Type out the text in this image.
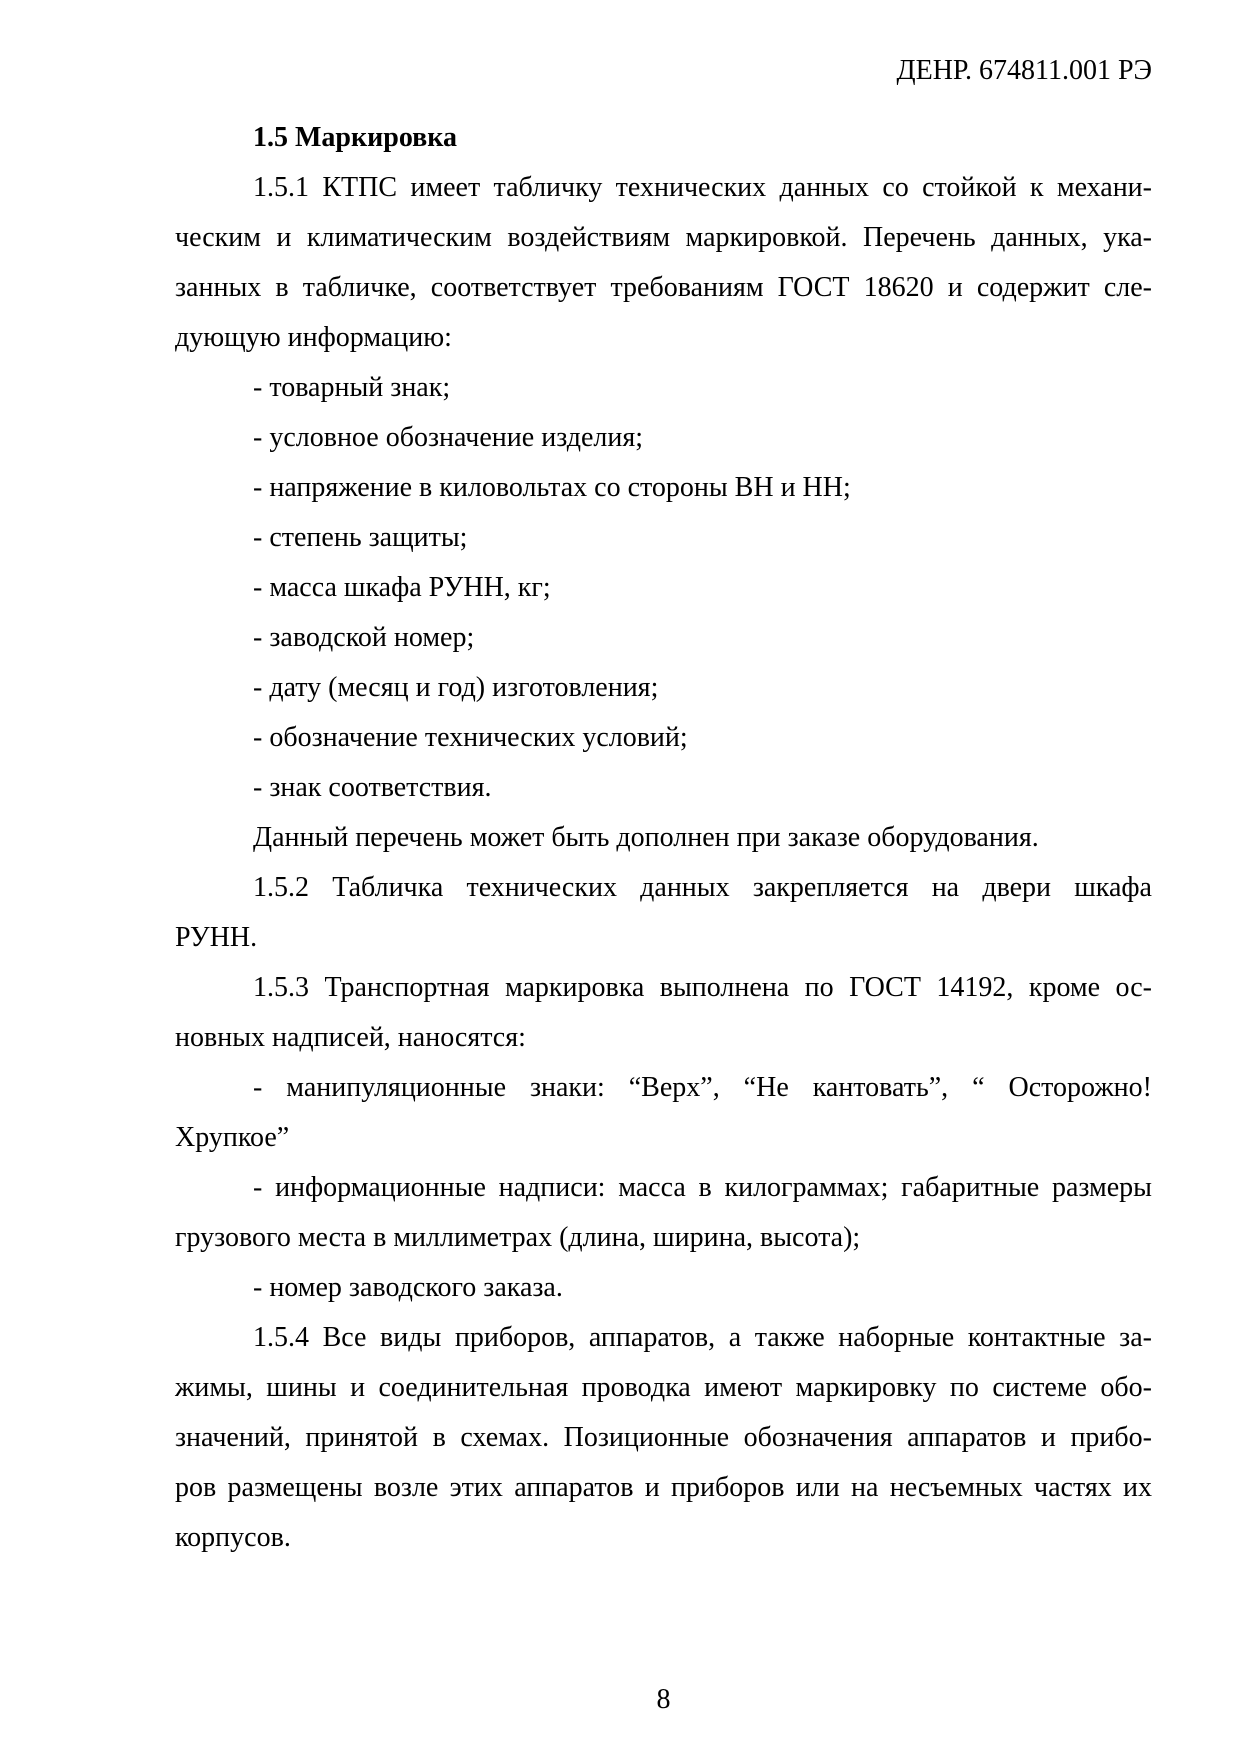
ДЕНР. 674811.001 РЭ
1.5 Маркировка
1.5.1 КТПС имеет табличку технических данных со стойкой к механи-
ческим и климатическим воздействиям маркировкой. Перечень данных, ука-
занных в табличке, соответствует требованиям ГОСТ 18620 и содержит сле-
дующую информацию:
- товарный знак;
- условное обозначение изделия;
- напряжение в киловольтах со стороны ВН и НН;
- степень защиты;
- масса шкафа РУНН, кг;
- заводской номер;
- дату (месяц и год) изготовления;
- обозначение технических условий;
- знак соответствия.
Данный перечень может быть дополнен при заказе оборудования.
1.5.2 Табличка технических данных закрепляется на двери шкафа
РУНН.
1.5.3 Транспортная маркировка выполнена по ГОСТ 14192, кроме ос-
новных надписей, наносятся:
- манипуляционные знаки: “Верх”, “Не кантовать”, “ Осторожно!
Хрупкое”
- информационные надписи: масса в килограммах; габаритные размеры
грузового места в миллиметрах (длина, ширина, высота);
- номер заводского заказа.
1.5.4 Все виды приборов, аппаратов, а также наборные контактные за-
жимы, шины и соединительная проводка имеют маркировку по системе обо-
значений, принятой в схемах. Позиционные обозначения аппаратов и прибо-
ров размещены возле этих аппаратов и приборов или на несъемных частях их
корпусов.
8
